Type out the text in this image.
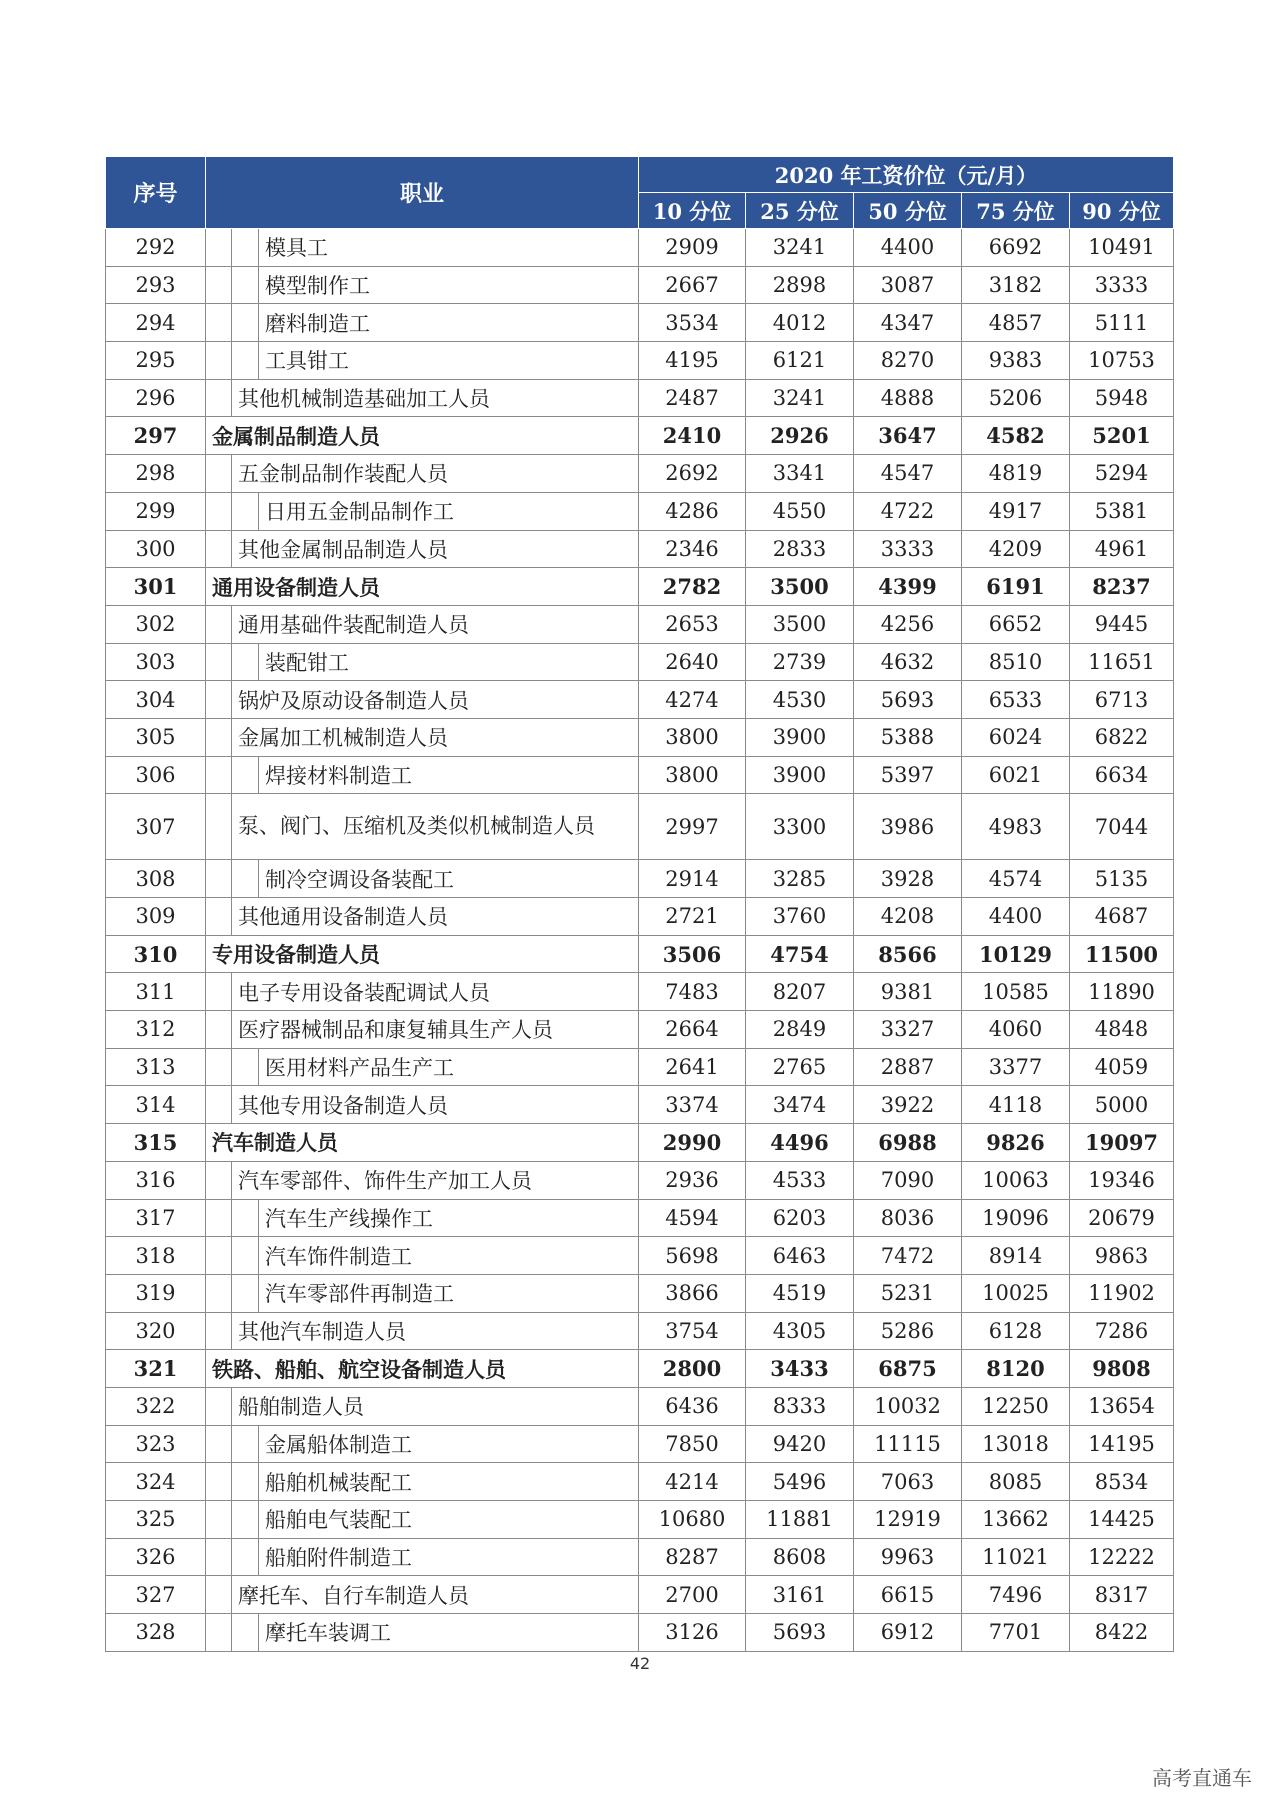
序号	职业			2020 年工资价位（元/月）				
				10 分位	25 分位	50 分位	75 分位	90 分位
292			模具工	2909	3241	4400	6692	10491
293			模型制作工	2667	2898	3087	3182	3333
294			磨料制造工	3534	4012	4347	4857	5111
295			工具钳工	4195	6121	8270	9383	10753
296		其他机械制造基础加工人员		2487	3241	4888	5206	5948
297	金属制品制造人员			2410	2926	3647	4582	5201
298		五金制品制作装配人员		2692	3341	4547	4819	5294
299			日用五金制品制作工	4286	4550	4722	4917	5381
300		其他金属制品制造人员		2346	2833	3333	4209	4961
301	通用设备制造人员			2782	3500	4399	6191	8237
302		通用基础件装配制造人员		2653	3500	4256	6652	9445
303			装配钳工	2640	2739	4632	8510	11651
304		锅炉及原动设备制造人员		4274	4530	5693	6533	6713
305		金属加工机械制造人员		3800	3900	5388	6024	6822
306			焊接材料制造工	3800	3900	5397	6021	6634
307		泵、阀门、压缩机及类似机械制造人员		2997	3300	3986	4983	7044
308			制冷空调设备装配工	2914	3285	3928	4574	5135
309		其他通用设备制造人员		2721	3760	4208	4400	4687
310	专用设备制造人员			3506	4754	8566	10129	11500
311		电子专用设备装配调试人员		7483	8207	9381	10585	11890
312		医疗器械制品和康复辅具生产人员		2664	2849	3327	4060	4848
313			医用材料产品生产工	2641	2765	2887	3377	4059
314		其他专用设备制造人员		3374	3474	3922	4118	5000
315	汽车制造人员			2990	4496	6988	9826	19097
316		汽车零部件、饰件生产加工人员		2936	4533	7090	10063	19346
317			汽车生产线操作工	4594	6203	8036	19096	20679
318			汽车饰件制造工	5698	6463	7472	8914	9863
319			汽车零部件再制造工	3866	4519	5231	10025	11902
320		其他汽车制造人员		3754	4305	5286	6128	7286
321	铁路、船舶、航空设备制造人员			2800	3433	6875	8120	9808
322		船舶制造人员		6436	8333	10032	12250	13654
323			金属船体制造工	7850	9420	11115	13018	14195
324			船舶机械装配工	4214	5496	7063	8085	8534
325			船舶电气装配工	10680	11881	12919	13662	14425
326			船舶附件制造工	8287	8608	9963	11021	12222
327		摩托车、自行车制造人员		2700	3161	6615	7496	8317
328			摩托车装调工	3126	5693	6912	7701	8422
42
高考直通车
